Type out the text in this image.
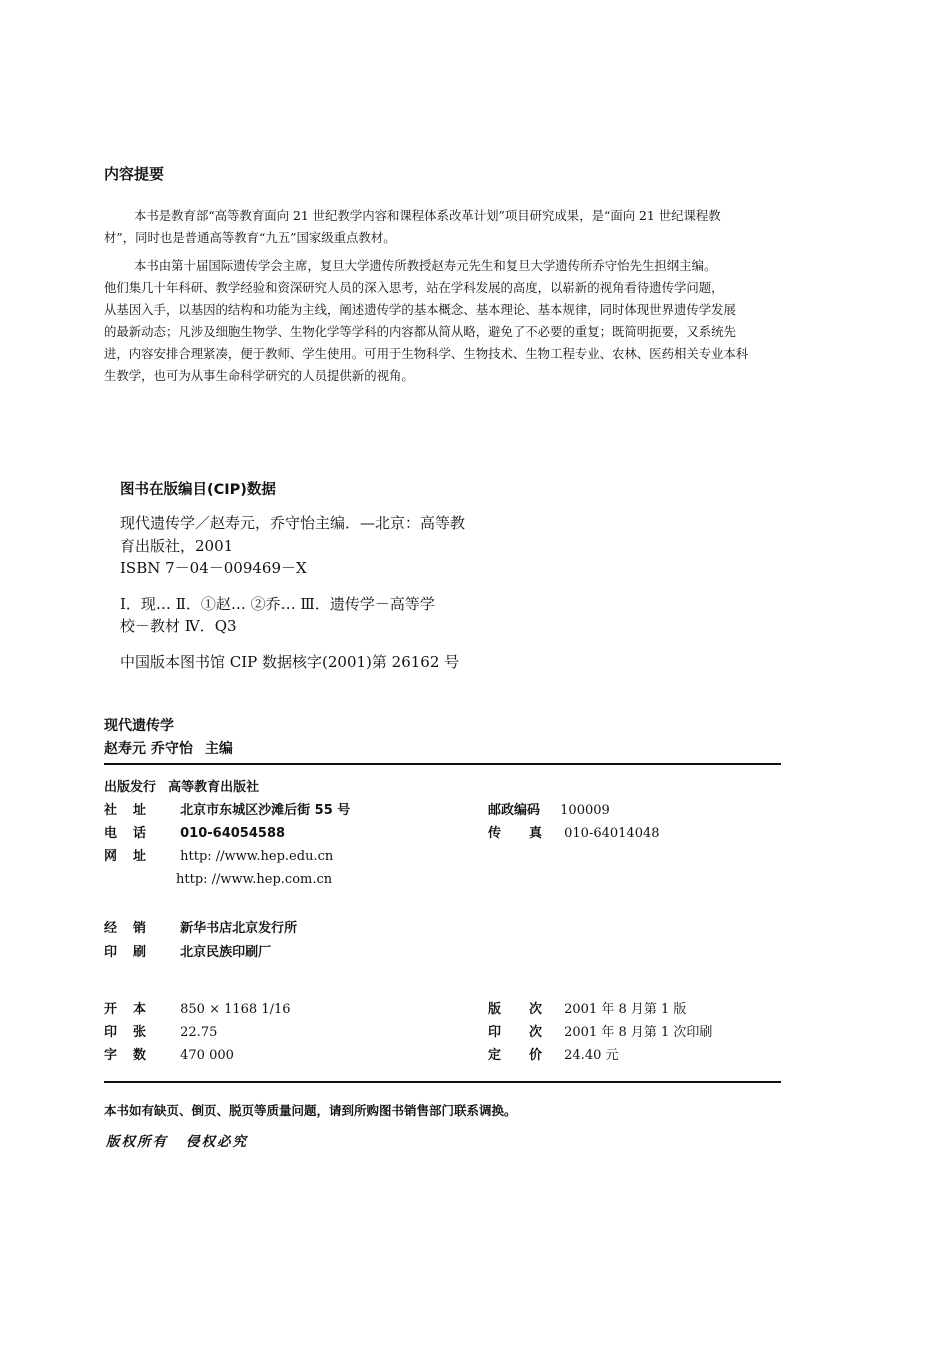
内容提要
本书是教育部“高等教育面向 21 世纪教学内容和课程体系改革计划”项目研究成果，是“面向 21 世纪课程教
材”，同时也是普通高等教育“九五”国家级重点教材。
本书由第十届国际遗传学会主席，复旦大学遗传所教授赵寿元先生和复旦大学遗传所乔守怡先生担纲主编。
他们集几十年科研、教学经验和资深研究人员的深入思考，站在学科发展的高度，以崭新的视角看待遗传学问题，
从基因入手，以基因的结构和功能为主线，阐述遗传学的基本概念、基本理论、基本规律，同时体现世界遗传学发展
的最新动态；凡涉及细胞生物学、生物化学等学科的内容都从简从略，避免了不必要的重复；既简明扼要，又系统先
进，内容安排合理紧凑，便于教师、学生使用。可用于生物科学、生物技术、生物工程专业、农林、医药相关专业本科
生教学，也可为从事生命科学研究的人员提供新的视角。
图书在版编目(CIP)数据
现代遗传学／赵寿元，乔守怡主编．—北京：高等教
育出版社，2001
ISBN 7－04－009469－X
Ⅰ．现… Ⅱ．①赵… ②乔… Ⅲ．遗传学－高等学
校－教材 Ⅳ．Q3
中国版本图书馆 CIP 数据核字(2001)第 26162 号
现代遗传学
赵寿元 乔守怡 主编
出版发行 高等教育出版社
社 址	北京市东城区沙滩后街 55 号
电 话	010-64054588
网 址	http: //www.hep.edu.cn
http: //www.hep.com.cn
邮政编码 100009
传 真 010-64014048
经 销	新华书店北京发行所
印 刷	北京民族印刷厂
开 本	850 × 1168 1/16
印 张	22.75
字 数	470 000
版 次 2001 年 8 月第 1 版
印 次 2001 年 8 月第 1 次印刷
定 价 24.40 元
本书如有缺页、倒页、脱页等质量问题，请到所购图书销售部门联系调换。
版权所有 侵权必究
